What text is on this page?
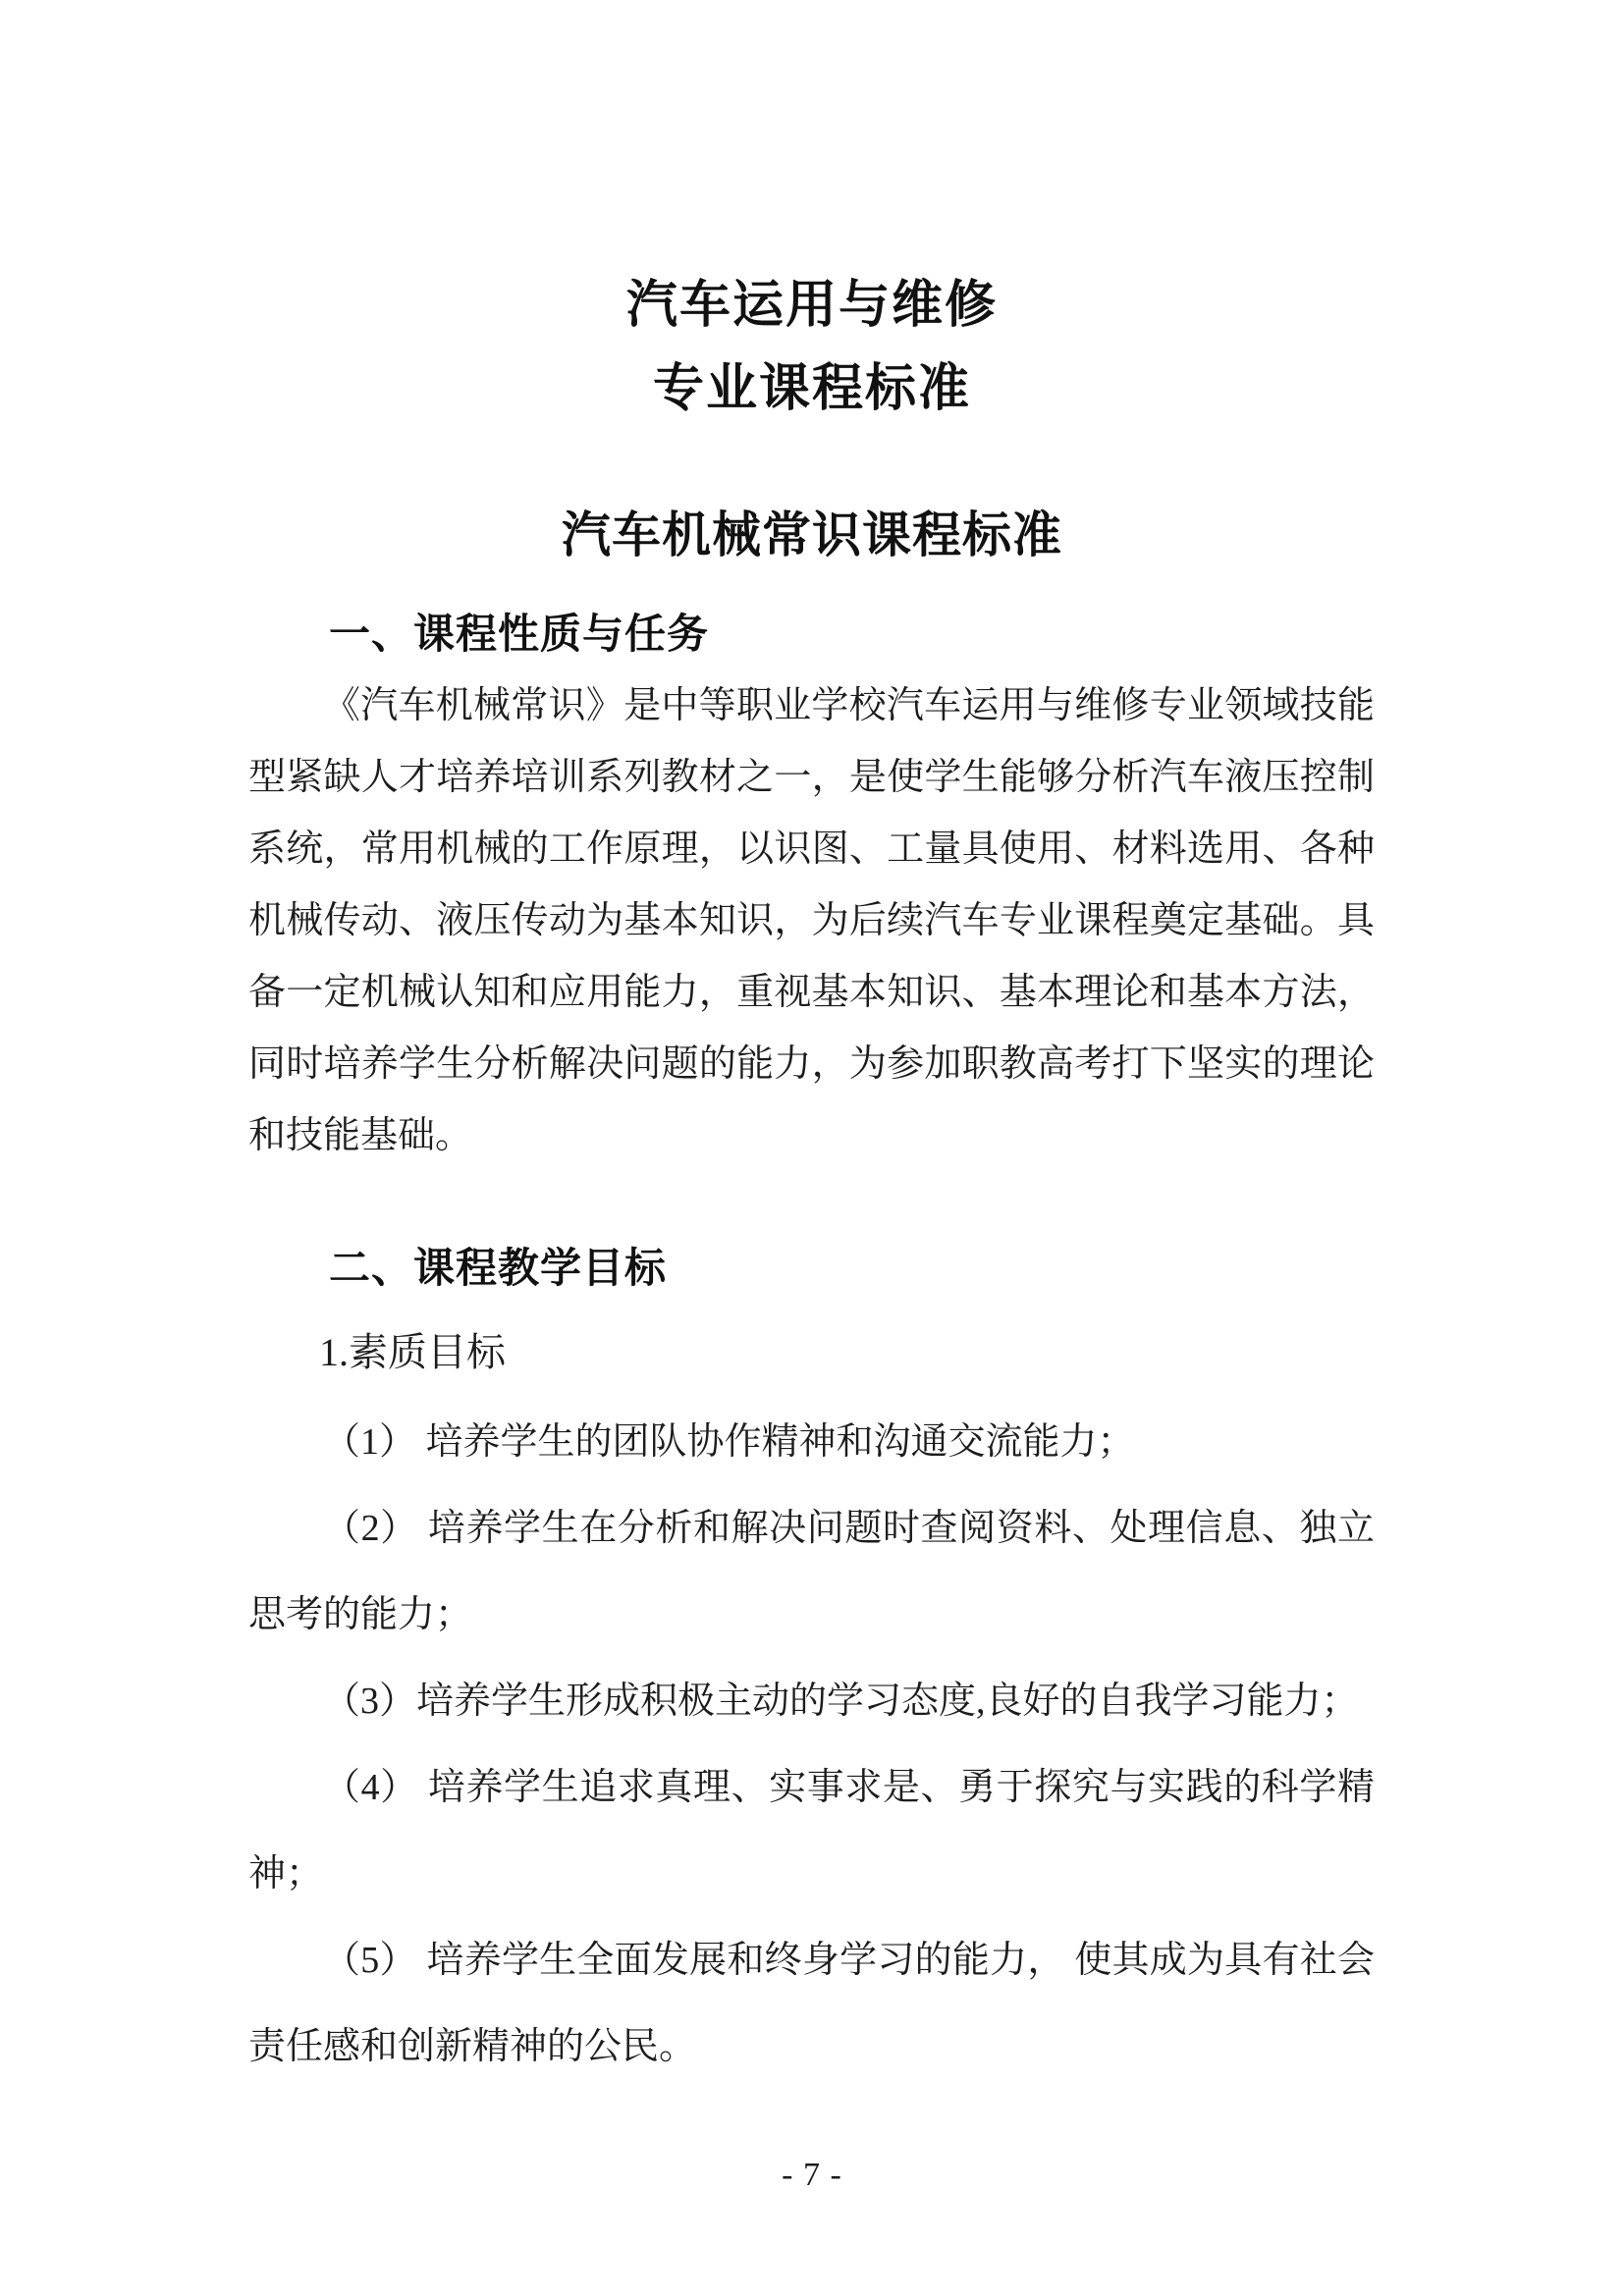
汽车运用与维修
专业课程标准
汽车机械常识课程标准
一、课程性质与任务
《汽车机械常识》是中等职业学校汽车运用与维修专业领域技能
型紧缺人才培养培训系列教材之一，是使学生能够分析汽车液压控制
系统，常用机械的工作原理，以识图、工量具使用、材料选用、各种
机械传动、液压传动为基本知识，为后续汽车专业课程奠定基础。具
备一定机械认知和应用能力，重视基本知识、基本理论和基本方法，
同时培养学生分析解决问题的能力，为参加职教高考打下坚实的理论
和技能基础。
二、课程教学目标
1.素质目标
（1） 培养学生的团队协作精神和沟通交流能力；
（2） 培养学生在分析和解决问题时查阅资料、处理信息、独立
思考的能力；
（3）培养学生形成积极主动的学习态度,良好的自我学习能力；
（4） 培养学生追求真理、实事求是、勇于探究与实践的科学精
神；
（5） 培养学生全面发展和终身学习的能力， 使其成为具有社会
责任感和创新精神的公民。
- 7 -
